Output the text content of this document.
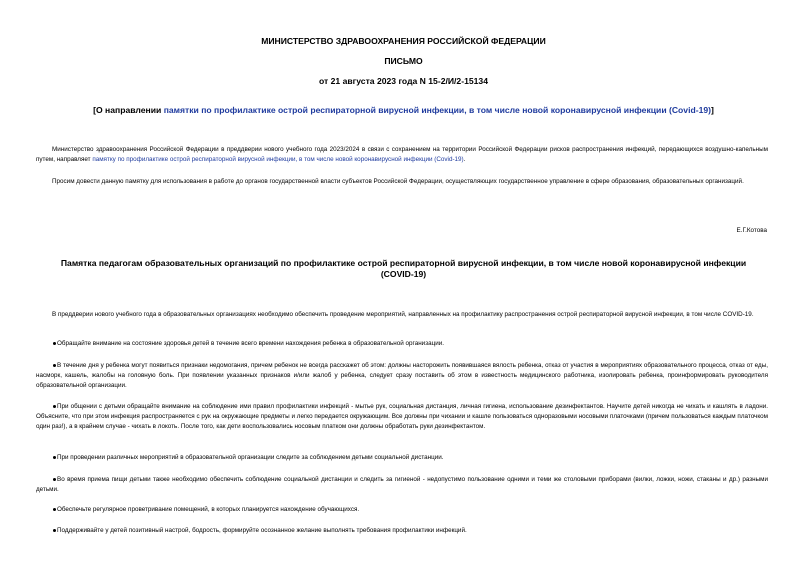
МИНИСТЕРСТВО ЗДРАВООХРАНЕНИЯ РОССИЙСКОЙ ФЕДЕРАЦИИ
ПИСЬМО
от 21 августа 2023 года N 15-2/И/2-15134
[О направлении памятки по профилактике острой респираторной вирусной инфекции, в том числе новой коронавирусной инфекции (Covid-19)]
Министерство здравоохранения Российской Федерации в преддверии нового учебного года 2023/2024 в связи с сохранением на территории Российской Федерации рисков распространения инфекций, передающихся воздушно-капельным путем, направляет памятку по профилактике острой респираторной вирусной инфекции, в том числе новой коронавирусной инфекции (Covid-19).
Просим довести данную памятку для использования в работе до органов государственной власти субъектов Российской Федерации, осуществляющих государственное управление в сфере образования, образовательных организаций.
Е.Г.Котова
Памятка педагогам образовательных организаций по профилактике острой респираторной вирусной инфекции, в том числе новой коронавирусной инфекции
(COVID-19)
В преддверии нового учебного года в образовательных организациях необходимо обеспечить проведение мероприятий, направленных на профилактику распространения острой респираторной вирусной инфекции, в том числе COVID-19.
Обращайте внимание на состояние здоровья детей в течение всего времени нахождения ребенка в образовательной организации.
В течение дня у ребенка могут появиться признаки недомогания, причем ребенок не всегда расскажет об этом: должны насторожить появившаяся вялость ребенка, отказ от участия в мероприятиях образовательного процесса, отказ от еды, насморк, кашель, жалобы на головную боль. При появлении указанных признаков и/или жалоб у ребенка, следует сразу поставить об этом в известность медицинского работника, изолировать ребенка, проинформировать руководителя образовательной организации.
При общении с детьми обращайте внимание на соблюдение ими правил профилактики инфекций - мытье рук, социальная дистанция, личная гигиена, использование дезинфектантов. Научите детей никогда не чихать и кашлять в ладони. Объясните, что при этом инфекция распространяется с рук на окружающие предметы и легко передается окружающим. Все должны при чихании и кашле пользоваться одноразовыми носовыми платочками (причем пользоваться каждым платочком один раз!), а в крайнем случае - чихать в локоть. После того, как дети воспользовались носовым платком они должны обработать руки дезинфектантом.
При проведении различных мероприятий в образовательной организации следите за соблюдением детьми социальной дистанции.
Во время приема пищи детьми также необходимо обеспечить соблюдение социальной дистанции и следить за гигиеной - недопустимо пользование одними и теми же столовыми приборами (вилки, ложки, ножи, стаканы и др.) разными детьми.
Обеспечьте регулярное проветривание помещений, в которых планируется нахождение обучающихся.
Поддерживайте у детей позитивный настрой, бодрость, формируйте осознанное желание выполнять требования профилактики инфекций.
